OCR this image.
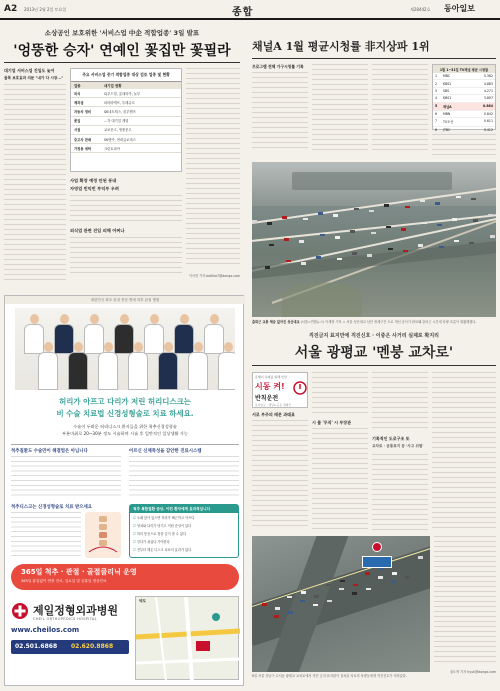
A2 2013년 2월 2일 토요일	종합	제28442호 동아일보
소상공인 보호위한 '서비스업 中企 적합업종' 3일 발표
'엉뚱한 승자' 연예인 꽃집만 꽃필라
대기업 서비스업 진입도 늦어
골목 보호효과 의문 "내가 다 시장..."
주요 서비스업 중기 적합업종 대상 검토 업종 및 현황
업종	대기업 현황
외식	CJ푸드빌, 롯데리아, 놀부
제과점	파리바게뜨, 뚜레쥬르
자동차 정비	SK네트웍스, 블루핸즈
꽃집	...각 대기업 계열
서점	교보문고, 영풍문고
중고차 판매	SK엔카, 현대글로비스
가정용 세탁	크린토피아
사업 확장 예정 안된 동네
자영업 빈익빈 부익부 우려
외식업 관련 진입 피해 어쩌나
이서현 기자 baltika7@donga.com
채널A 1월 평균시청률 非지상파 1위
프로그램 전체 가구시청률 기록
1월 1~31일 TV채널 평균 시청률
1	MBC	5.362
2	KBS2	4.883
3	SBS	4.271
4	KBS1	3.897
5	채널A	0.864
6	MBN	0.842
7	TV조선	0.611
8	JTBC	0.412
출퇴근 교통 체증 없어진 성산대교 (서울=연합뉴스) 이재영 기자 = 서울 성산대교 남단 정체구간 도로 개선 공사가 완료돼 출퇴근 시간대 차량 흐름이 원활해졌다.
대한민국 최초 관절 전문 명예 척추 관절 병원
허리가 아프고 다리가 저린 허리디스크는
비 수술 치료법 신경성형술로 치료 하세요.
수술이 두려운 허리디스크 환자들을 위한 척추신경성형술
부분마취로 20~30분 정도 시술하며 시술 후 일반적인 일상생활 가능
척추질환도 수술만이 해결법은 아닙니다	어르신 신체특성을 감안한 진료시스템
척추디스크는 신경성형술로 치료 받으세요	척추 복합질환 증상, 이런 환자에게 효과적입니다
☑ 오래 앉아 있으면 허리가 뻐근하고 아프다
☑ 엉치와 다리가 당기고 저린 증상이 있다
☑ 허리 통증으로 잠을 깊이 잘 수 없다
☑ 걷다가 쉬었다 가야한다
☑ 전부터 해온 디스크 치료의 효과가 없다
365일 척추 · 관절 · 골절클리닉 운영
365일 휴일없이 연중 진료, 일요일 및 공휴일 정상진료
제일정형외과병원
CHEIL ORTHOPEDICS HOSPITAL
www.cheilos.com
02.501.6868 02.620.8868
약도
직진금지 표지만에 직진신호 · 이중은 사거리 실제로 확지리
서울 광평교 '멘붕 교차로'
운행이 유제를 위해 인한
시동 켜!
반칙운전
동아일보 · 채널A 공동 캠페인
서로 부주의 때문 과태료
시 불 '무직' 시 부장관
기록적인 도로구조 또
교차로 · 공통표지 등 '사고 위험'
6일 서울 강남구 수서동 광평교 교차로에서 직진 금지 표지판이 설치된 차로의 차량들에게 직진신호가 켜져있다.
권오혁 기자 hyuk@donga.com
